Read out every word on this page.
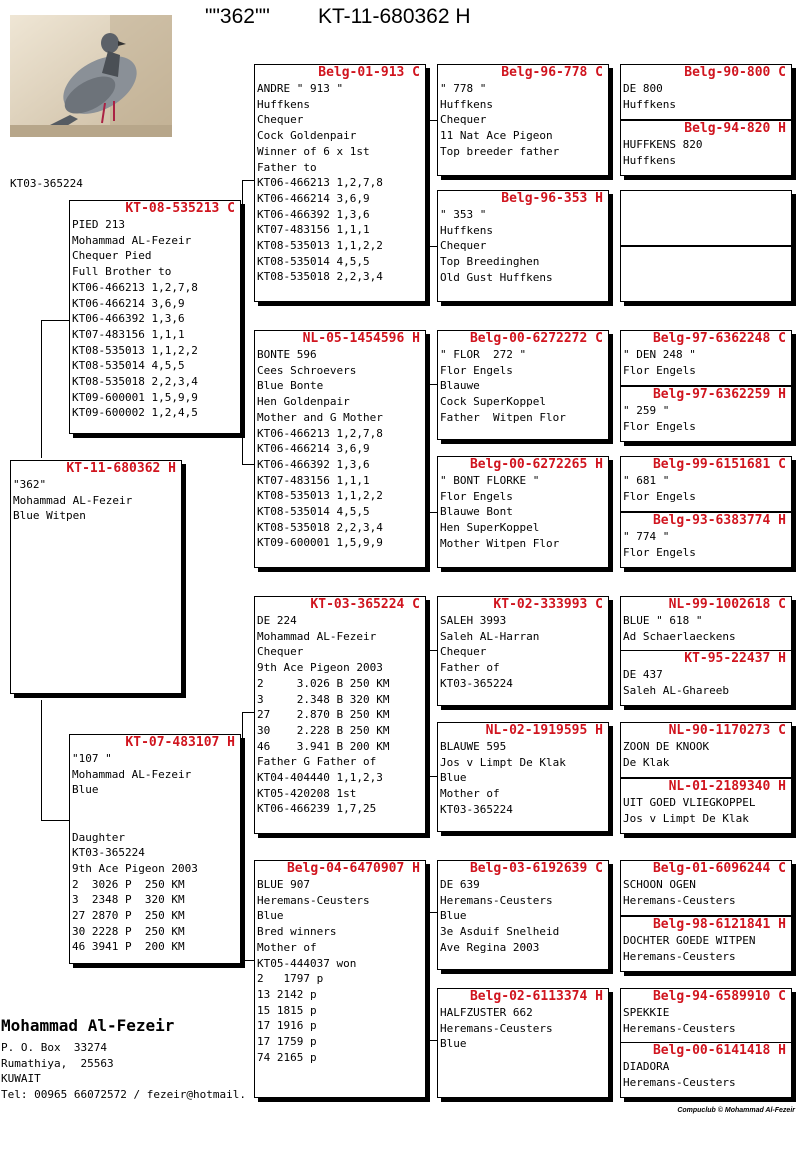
""362"" KT-11-680362 H
KT03-365224
KT-11-680362 H
"362"
Mohammad AL-Fezeir
Blue Witpen
KT-08-535213 C
PIED 213
Mohammad AL-Fezeir
Chequer Pied
Full Brother to
KT06-466213 1,2,7,8
KT06-466214 3,6,9
KT06-466392 1,3,6
KT07-483156 1,1,1
KT08-535013 1,1,2,2
KT08-535014 4,5,5
KT08-535018 2,2,3,4
KT09-600001 1,5,9,9
KT09-600002 1,2,4,5
KT-07-483107 H
"107 "
Mohammad AL-Fezeir
Blue

Daughter
KT03-365224
9th Ace Pigeon 2003
2  3026 P  250 KM
3  2348 P  320 KM
27 2870 P  250 KM
30 2228 P  250 KM
46 3941 P  200 KM
Belg-01-913 C
ANDRE " 913 "
Huffkens
Chequer
Cock Goldenpair
Winner of 6 x 1st
Father to
KT06-466213 1,2,7,8
KT06-466214 3,6,9
KT06-466392 1,3,6
KT07-483156 1,1,1
KT08-535013 1,1,2,2
KT08-535014 4,5,5
KT08-535018 2,2,3,4
NL-05-1454596 H
BONTE 596
Cees Schroevers
Blue Bonte
Hen Goldenpair
Mother and G Mother
KT06-466213 1,2,7,8
KT06-466214 3,6,9
KT06-466392 1,3,6
KT07-483156 1,1,1
KT08-535013 1,1,2,2
KT08-535014 4,5,5
KT08-535018 2,2,3,4
KT09-600001 1,5,9,9
KT-03-365224 C
DE 224
Mohammad AL-Fezeir
Chequer
9th Ace Pigeon 2003
2     3.026 B 250 KM
3     2.348 B 320 KM
27    2.870 B 250 KM
30    2.228 B 250 KM
46    3.941 B 200 KM
Father G Father of
KT04-404440 1,1,2,3
KT05-420208 1st
KT06-466239 1,7,25
Belg-04-6470907 H
BLUE 907
Heremans-Ceusters
Blue
Bred winners
Mother of
KT05-444037 won
2   1797 p
13 2142 p
15 1815 p
17 1916 p
17 1759 p
74 2165 p
Belg-96-778 C
" 778 "
Huffkens
Chequer
11 Nat Ace Pigeon
Top breeder father
Belg-96-353 H
" 353 "
Huffkens
Chequer
Top Breedinghen
Old Gust Huffkens
Belg-00-6272272 C
" FLOR  272 "
Flor Engels
Blauwe
Cock SuperKoppel
Father  Witpen Flor
Belg-00-6272265 H
" BONT FLORKE "
Flor Engels
Blauwe Bont
Hen SuperKoppel
Mother Witpen Flor
KT-02-333993 C
SALEH 3993
Saleh AL-Harran
Chequer
Father of
KT03-365224
NL-02-1919595 H
BLAUWE 595
Jos v Limpt De Klak
Blue
Mother of
KT03-365224
Belg-03-6192639 C
DE 639
Heremans-Ceusters
Blue
3e Asduif Snelheid
Ave Regina 2003
Belg-02-6113374 H
HALFZUSTER 662
Heremans-Ceusters
Blue
Belg-90-800 C
DE 800
Huffkens
Belg-94-820 H
HUFFKENS 820
Huffkens
Belg-97-6362248 C
" DEN 248 "
Flor Engels
Belg-97-6362259 H
" 259 "
Flor Engels
Belg-99-6151681 C
" 681 "
Flor Engels
Belg-93-6383774 H
" 774 "
Flor Engels
NL-99-1002618 C
BLUE " 618 "
Ad Schaerlaeckens
KT-95-22437 H
DE 437
Saleh AL-Ghareeb
NL-90-1170273 C
ZOON DE KNOOK
De Klak
NL-01-2189340 H
UIT GOED VLIEGKOPPEL
Jos v Limpt De Klak
Belg-01-6096244 C
SCHOON OGEN
Heremans-Ceusters
Belg-98-6121841 H
DOCHTER GOEDE WITPEN
Heremans-Ceusters
Belg-94-6589910 C
SPEKKIE
Heremans-Ceusters
Belg-00-6141418 H
DIADORA
Heremans-Ceusters
Mohammad Al-Fezeir
P. O. Box  33274
Rumathiya,  25563
KUWAIT
Tel: 00965 66072572 / fezeir@hotmail.
Compuclub © Mohammad Al-Fezeir
